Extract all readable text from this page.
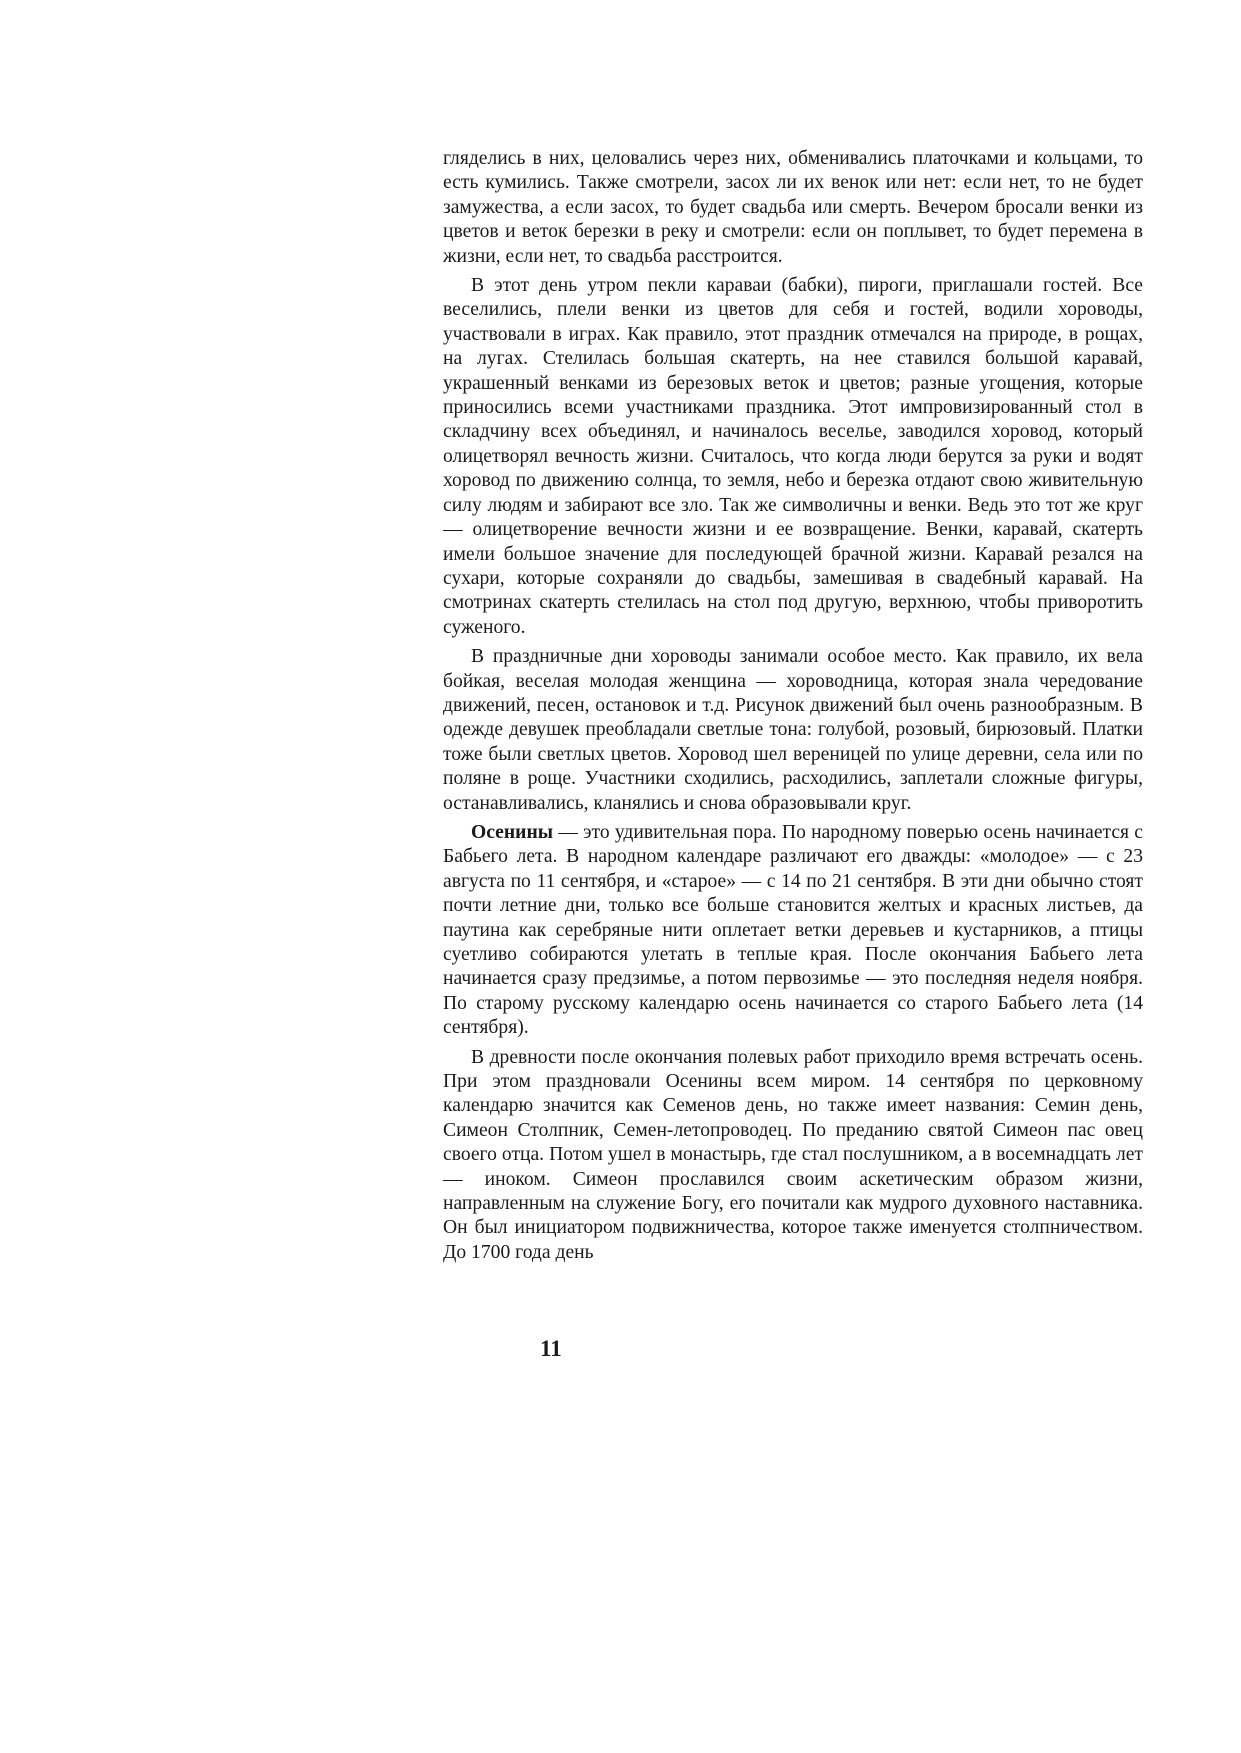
гляделись в них, целовались через них, обменивались платочками и кольцами, то есть кумились. Также смотрели, засох ли их венок или нет: если нет, то не будет замужества, а если засох, то будет свадьба или смерть. Вечером бросали венки из цветов и веток березки в реку и смотрели: если он поплывет, то будет перемена в жизни, если нет, то свадьба расстроится.

В этот день утром пекли караваи (бабки), пироги, приглашали гостей. Все веселились, плели венки из цветов для себя и гостей, водили хороводы, участвовали в играх. Как правило, этот праздник отмечался на природе, в рощах, на лугах. Стелилась большая скатерть, на нее ставился большой каравай, украшенный венками из березовых веток и цветов; разные угощения, которые приносились всеми участниками праздника. Этот импровизированный стол в складчину всех объединял, и начиналось веселье, заводился хоровод, который олицетворял вечность жизни. Считалось, что когда люди берутся за руки и водят хоровод по движению солнца, то земля, небо и березка отдают свою живительную силу людям и забирают все зло. Так же символичны и венки. Ведь это тот же круг — олицетворение вечности жизни и ее возвращение. Венки, каравай, скатерть имели большое значение для последующей брачной жизни. Каравай резался на сухари, которые сохраняли до свадьбы, замешивая в свадебный каравай. На смотринах скатерть стелилась на стол под другую, верхнюю, чтобы приворотить суженого.

В праздничные дни хороводы занимали особое место. Как правило, их вела бойкая, веселая молодая женщина — хороводница, которая знала чередование движений, песен, остановок и т.д. Рисунок движений был очень разнообразным. В одежде девушек преобладали светлые тона: голубой, розовый, бирюзовый. Платки тоже были светлых цветов. Хоровод шел вереницей по улице деревни, села или по поляне в роще. Участники сходились, расходились, заплетали сложные фигуры, останавливались, кланялись и снова образовывали круг.

Осенины — это удивительная пора. По народному поверью осень начинается с Бабьего лета. В народном календаре различают его дважды: «молодое» — с 23 августа по 11 сентября, и «старое» — с 14 по 21 сентября. В эти дни обычно стоят почти летние дни, только все больше становится желтых и красных листьев, да паутина как серебряные нити оплетает ветки деревьев и кустарников, а птицы суетливо собираются улетать в теплые края. После окончания Бабьего лета начинается сразу предзимье, а потом первозимье — это последняя неделя ноября. По старому русскому календарю осень начинается со старого Бабьего лета (14 сентября).

В древности после окончания полевых работ приходило время встречать осень. При этом праздновали Осенины всем миром. 14 сентября по церковному календарю значится как Семенов день, но также имеет названия: Семин день, Симеон Столпник, Семен-летопроводец. По преданию святой Симеон пас овец своего отца. Потом ушел в монастырь, где стал послушником, а в восемнадцать лет — иноком. Симеон прославился своим аскетическим образом жизни, направленным на служение Богу, его почитали как мудрого духовного наставника. Он был инициатором подвижничества, которое также именуется столпничеством. До 1700 года день

11
